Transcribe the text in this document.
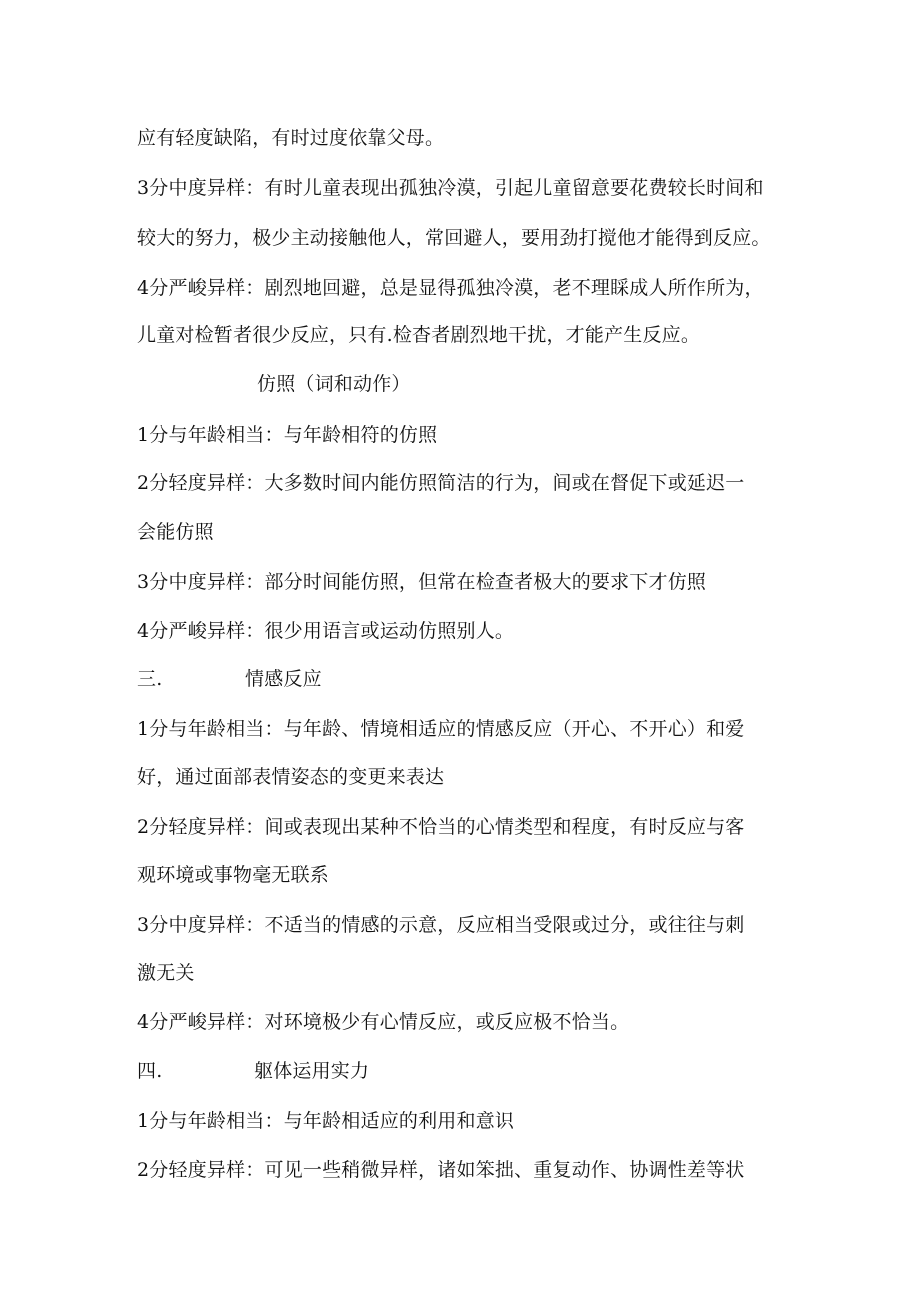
应有轻度缺陷，有时过度依靠父母。
3分中度异样：有时儿童表现出孤独冷漠，引起儿童留意要花费较长时间和
较大的努力，极少主动接触他人，常回避人，要用劲打搅他才能得到反应。
4分严峻异样：剧烈地回避，总是显得孤独冷漠，老不理睬成人所作所为，
儿童对检暂者很少反应，只有.检杳者剧烈地干扰，才能产生反应。
仿照（词和动作）
1分与年龄相当：与年龄相符的仿照
2分轻度异样：大多数时间内能仿照简洁的行为，间或在督促下或延迟一
会能仿照
3分中度异样：部分时间能仿照，但常在检查者极大的要求下才仿照
4分严峻异样：很少用语言或运动仿照别人。
三.	情感反应
1分与年龄相当：与年龄、情境相适应的情感反应（开心、不开心）和爱
好，通过面部表情姿态的变更来表达
2分轻度异样：间或表现出某种不恰当的心情类型和程度，有时反应与客
观环境或事物毫无联系
3分中度异样：不适当的情感的示意，反应相当受限或过分，或往往与刺
激无关
4分严峻异样：对环境极少有心情反应，或反应极不恰当。
四.	躯体运用实力
1分与年龄相当：与年龄相适应的利用和意识
2分轻度异样：可见一些稍微异样，诸如笨拙、重复动作、协调性差等状
